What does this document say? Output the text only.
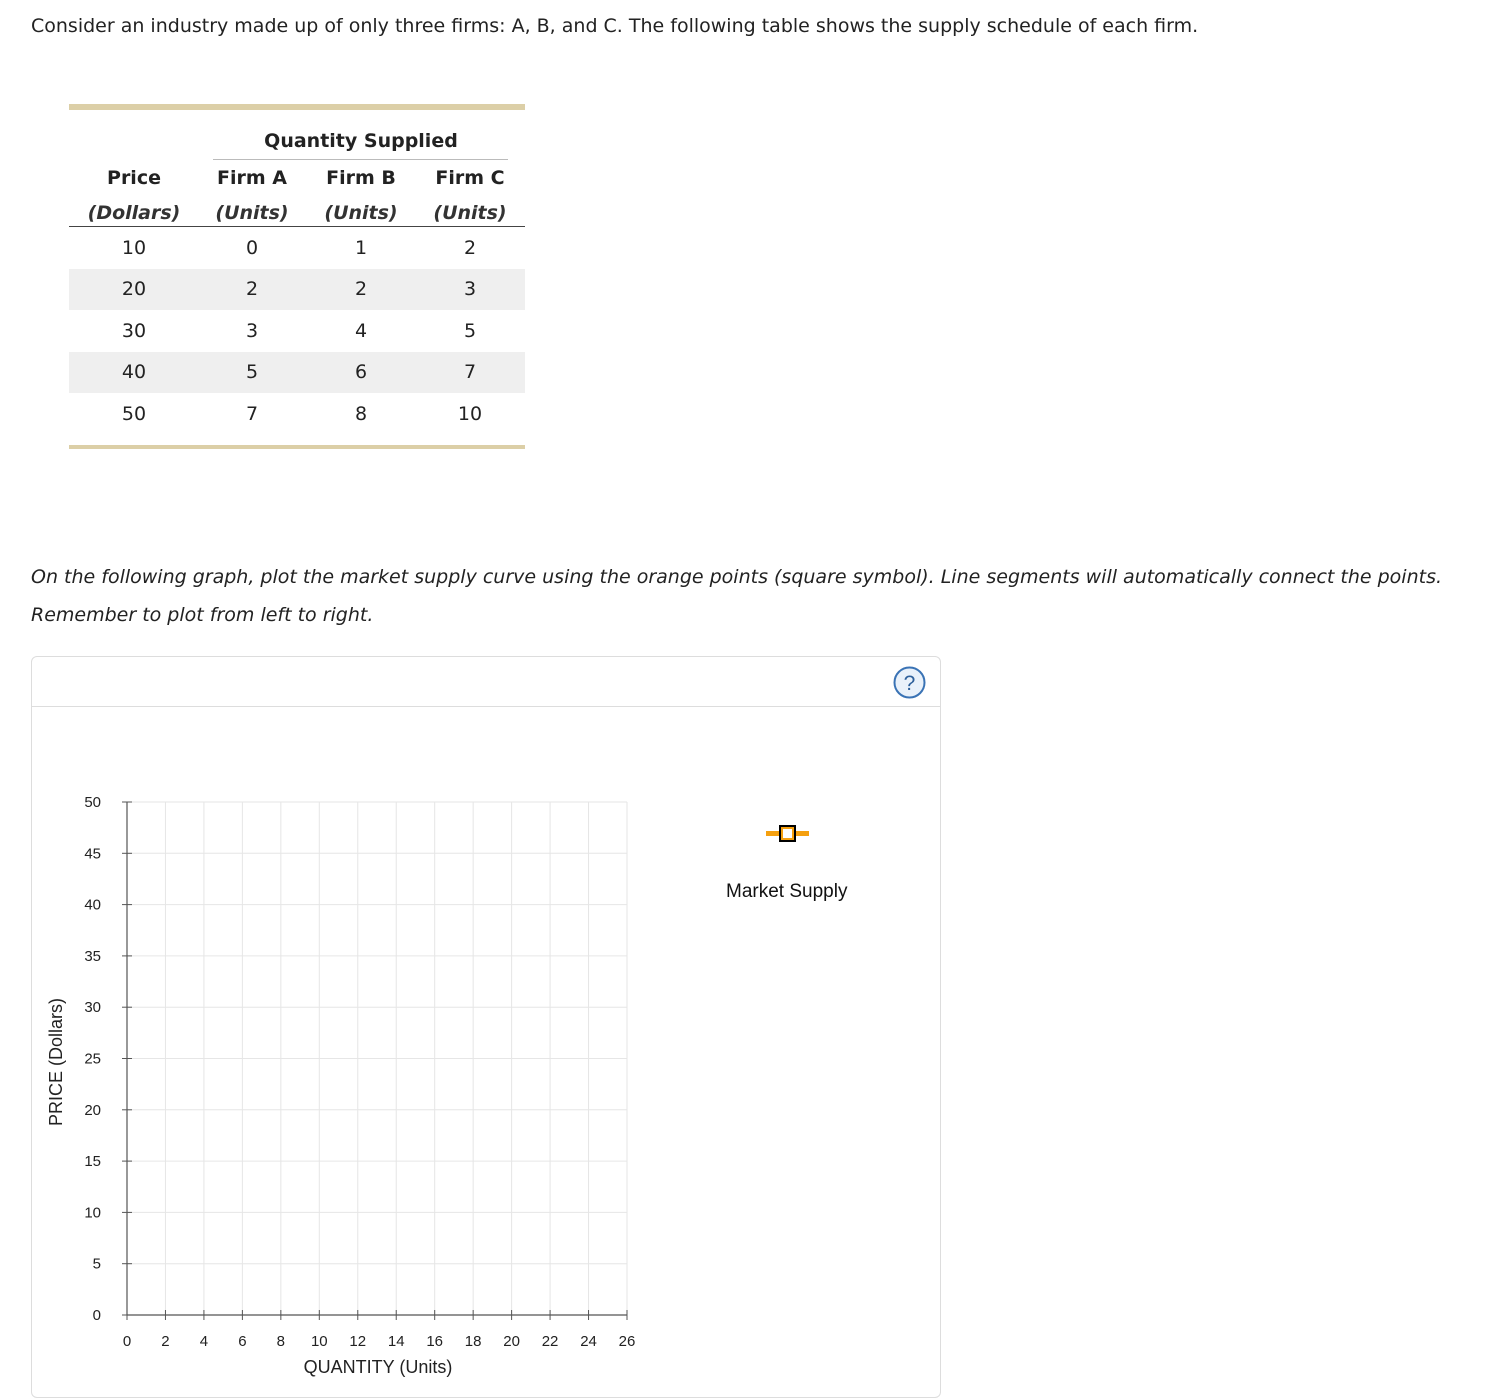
Consider an industry made up of only three firms: A, B, and C. The following table shows the supply schedule of each firm.
Quantity Supplied
Price	Firm A Firm B Firm C
(Dollars) (Units) (Units) (Units)
10	0	1	2
20	2	2	3
30	3	4	5
40	5	6	7
50	7	8	10
On the following graph, plot the market supply curve using the orange points (square symbol). Line segments will automatically connect the points.
Remember to plot from left to right.
?
0 2 4 6 8 10 12 14 16 18 20 22 24 26
0
5
10
15
20
25
30
35
40
45
50
QUANTITY (Units)
PRICE (Dollars)
Market Supply
